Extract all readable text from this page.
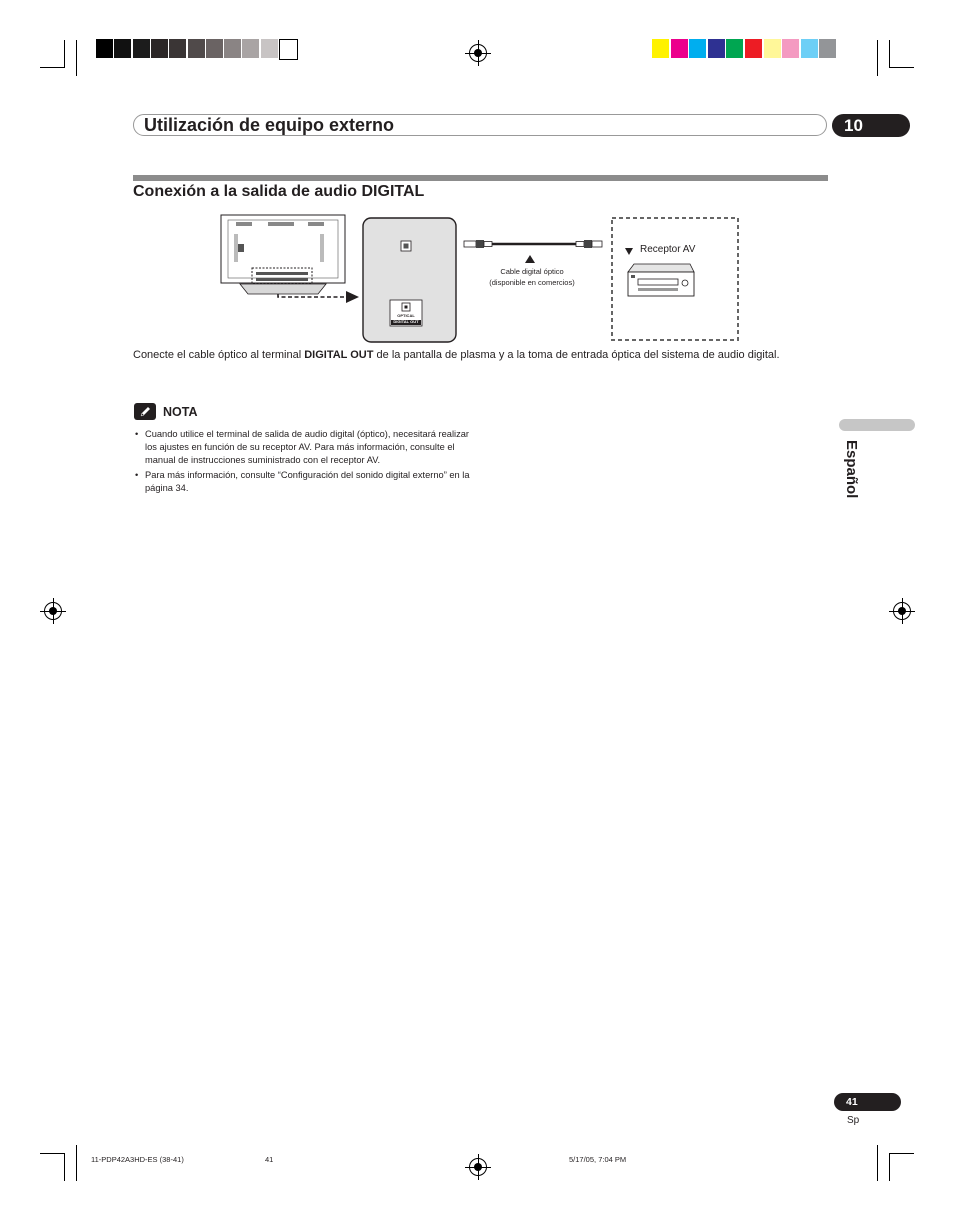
Utilización de equipo externo	10
Conexión a la salida de audio DIGITAL
OPTICAL
DIGITAL OUT
Cable digital óptico
(disponible en comercios)
Receptor AV
Conecte el cable óptico al terminal DIGITAL OUT de la pantalla de plasma y a la toma de entrada óptica del sistema de audio digital.
NOTA
• Cuando utilice el terminal de salida de audio digital (óptico), necesitará realizar los ajustes en función de su receptor AV. Para más información, consulte el manual de instrucciones suministrado con el receptor AV.
• Para más información, consulte “Configuración del sonido digital externo” en la página 34.	Español
41
Sp
11-PDP42A3HD-ES (38-41)	41	5/17/05, 7:04 PM
